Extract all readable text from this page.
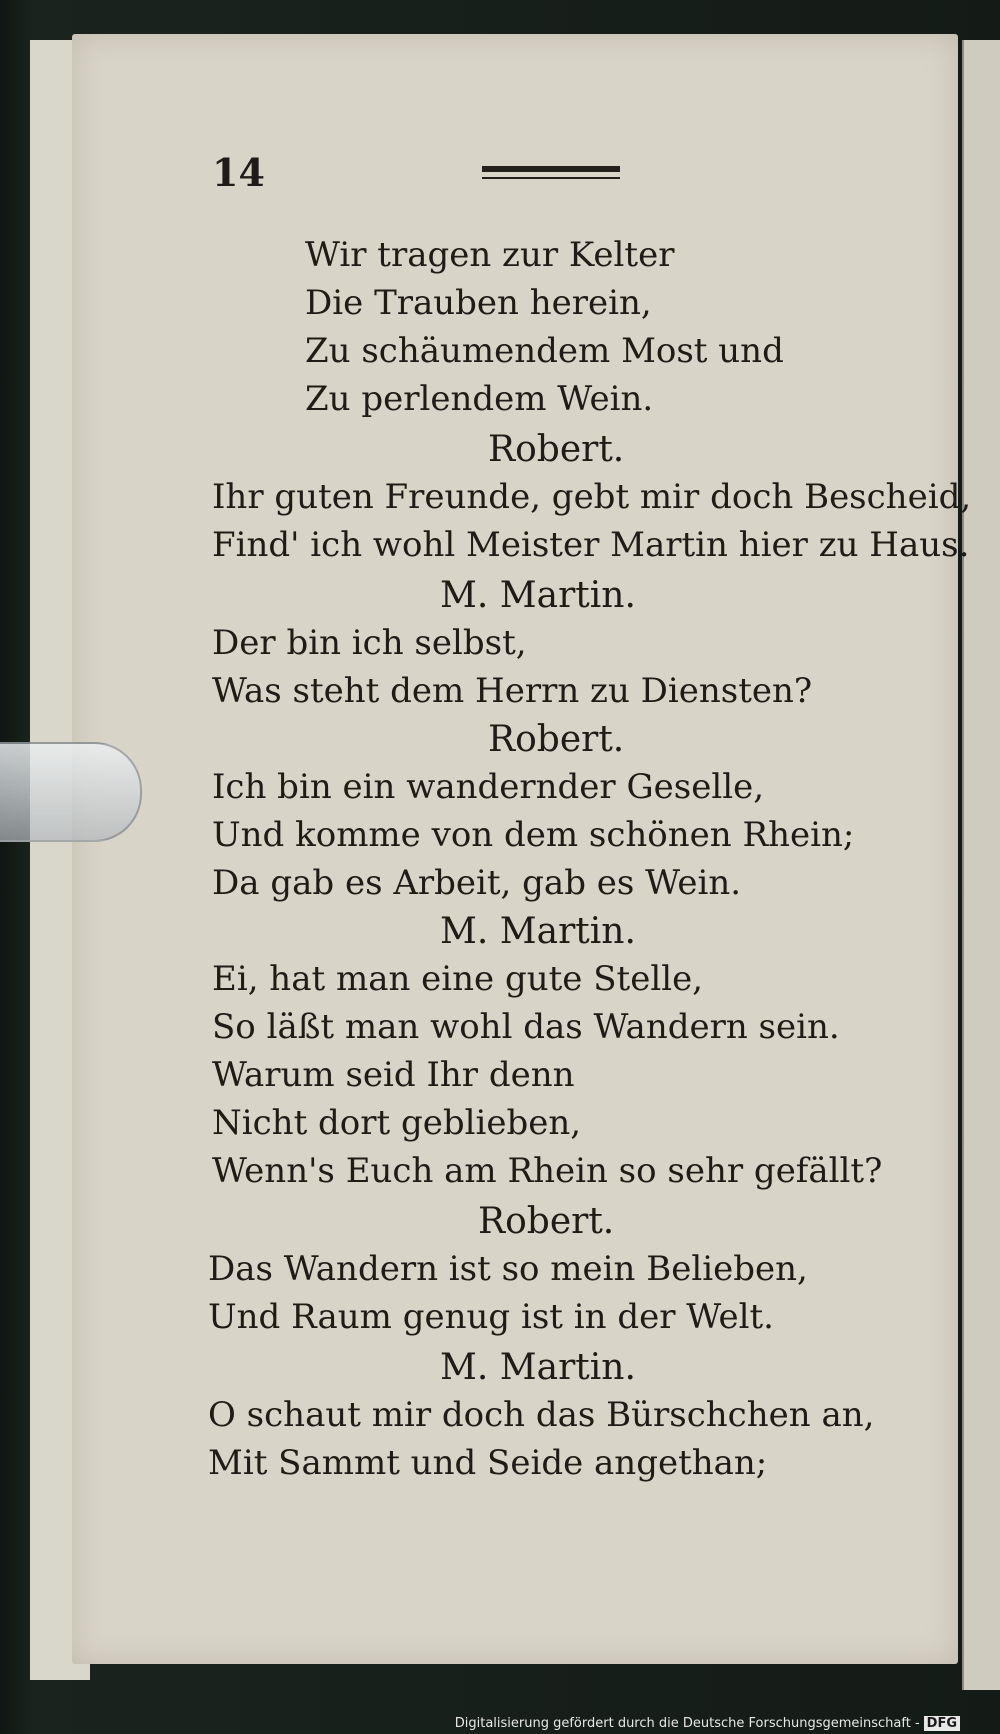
14
Wir tragen zur Kelter
Die Trauben herein,
Zu schäumendem Most und
Zu perlendem Wein.
Robert.
Ihr guten Freunde, gebt mir doch Bescheid,
Find' ich wohl Meister Martin hier zu Haus.
M. Martin.
Der bin ich selbst,
Was steht dem Herrn zu Diensten?
Robert.
Ich bin ein wandernder Geselle,
Und komme von dem schönen Rhein;
Da gab es Arbeit, gab es Wein.
M. Martin.
Ei, hat man eine gute Stelle,
So läßt man wohl das Wandern sein.
Warum seid Ihr denn
Nicht dort geblieben,
Wenn's Euch am Rhein so sehr gefällt?
Robert.
Das Wandern ist so mein Belieben,
Und Raum genug ist in der Welt.
M. Martin.
O schaut mir doch das Bürschchen an,
Mit Sammt und Seide angethan;
Digitalisierung gefördert durch die Deutsche Forschungsgemeinschaft - DFG
